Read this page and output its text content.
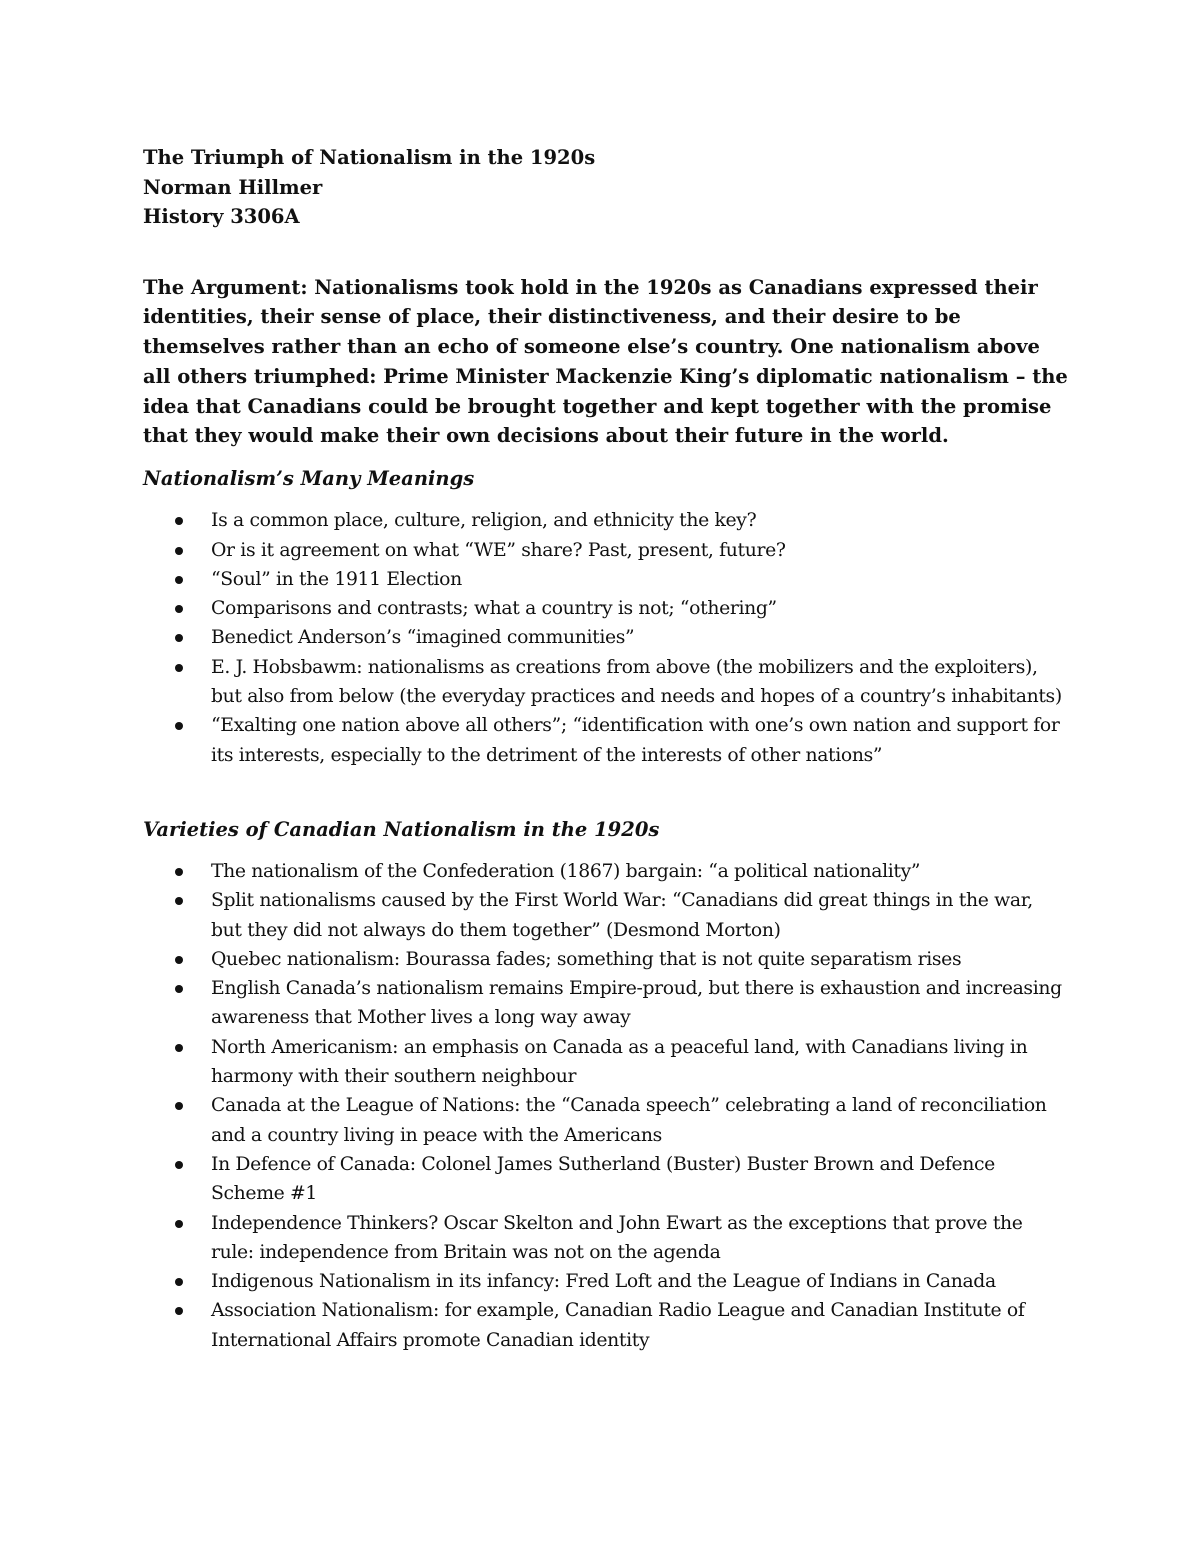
The Triumph of Nationalism in the 1920s
Norman Hillmer
History 3306A

The Argument: Nationalisms took hold in the 1920s as Canadians expressed their identities, their sense of place, their distinctiveness, and their desire to be themselves rather than an echo of someone else’s country. One nationalism above all others triumphed: Prime Minister Mackenzie King’s diplomatic nationalism – the idea that Canadians could be brought together and kept together with the promise that they would make their own decisions about their future in the world.

Nationalism’s Many Meanings

Is a common place, culture, religion, and ethnicity the key?
Or is it agreement on what “WE” share? Past, present, future?
“Soul” in the 1911 Election
Comparisons and contrasts; what a country is not; “othering”
Benedict Anderson’s “imagined communities”
E. J. Hobsbawm: nationalisms as creations from above (the mobilizers and the exploiters), but also from below (the everyday practices and needs and hopes of a country’s inhabitants)
“Exalting one nation above all others”; “identification with one’s own nation and support for its interests, especially to the detriment of the interests of other nations”

Varieties of Canadian Nationalism in the 1920s

The nationalism of the Confederation (1867) bargain: “a political nationality”
Split nationalisms caused by the First World War: “Canadians did great things in the war, but they did not always do them together” (Desmond Morton)
Quebec nationalism: Bourassa fades; something that is not quite separatism rises
English Canada’s nationalism remains Empire-proud, but there is exhaustion and increasing awareness that Mother lives a long way away
North Americanism: an emphasis on Canada as a peaceful land, with Canadians living in harmony with their southern neighbour
Canada at the League of Nations: the “Canada speech” celebrating a land of reconciliation and a country living in peace with the Americans
In Defence of Canada: Colonel James Sutherland (Buster) Buster Brown and Defence Scheme #1
Independence Thinkers? Oscar Skelton and John Ewart as the exceptions that prove the rule: independence from Britain was not on the agenda
Indigenous Nationalism in its infancy: Fred Loft and the League of Indians in Canada
Association Nationalism: for example, Canadian Radio League and Canadian Institute of International Affairs promote Canadian identity
